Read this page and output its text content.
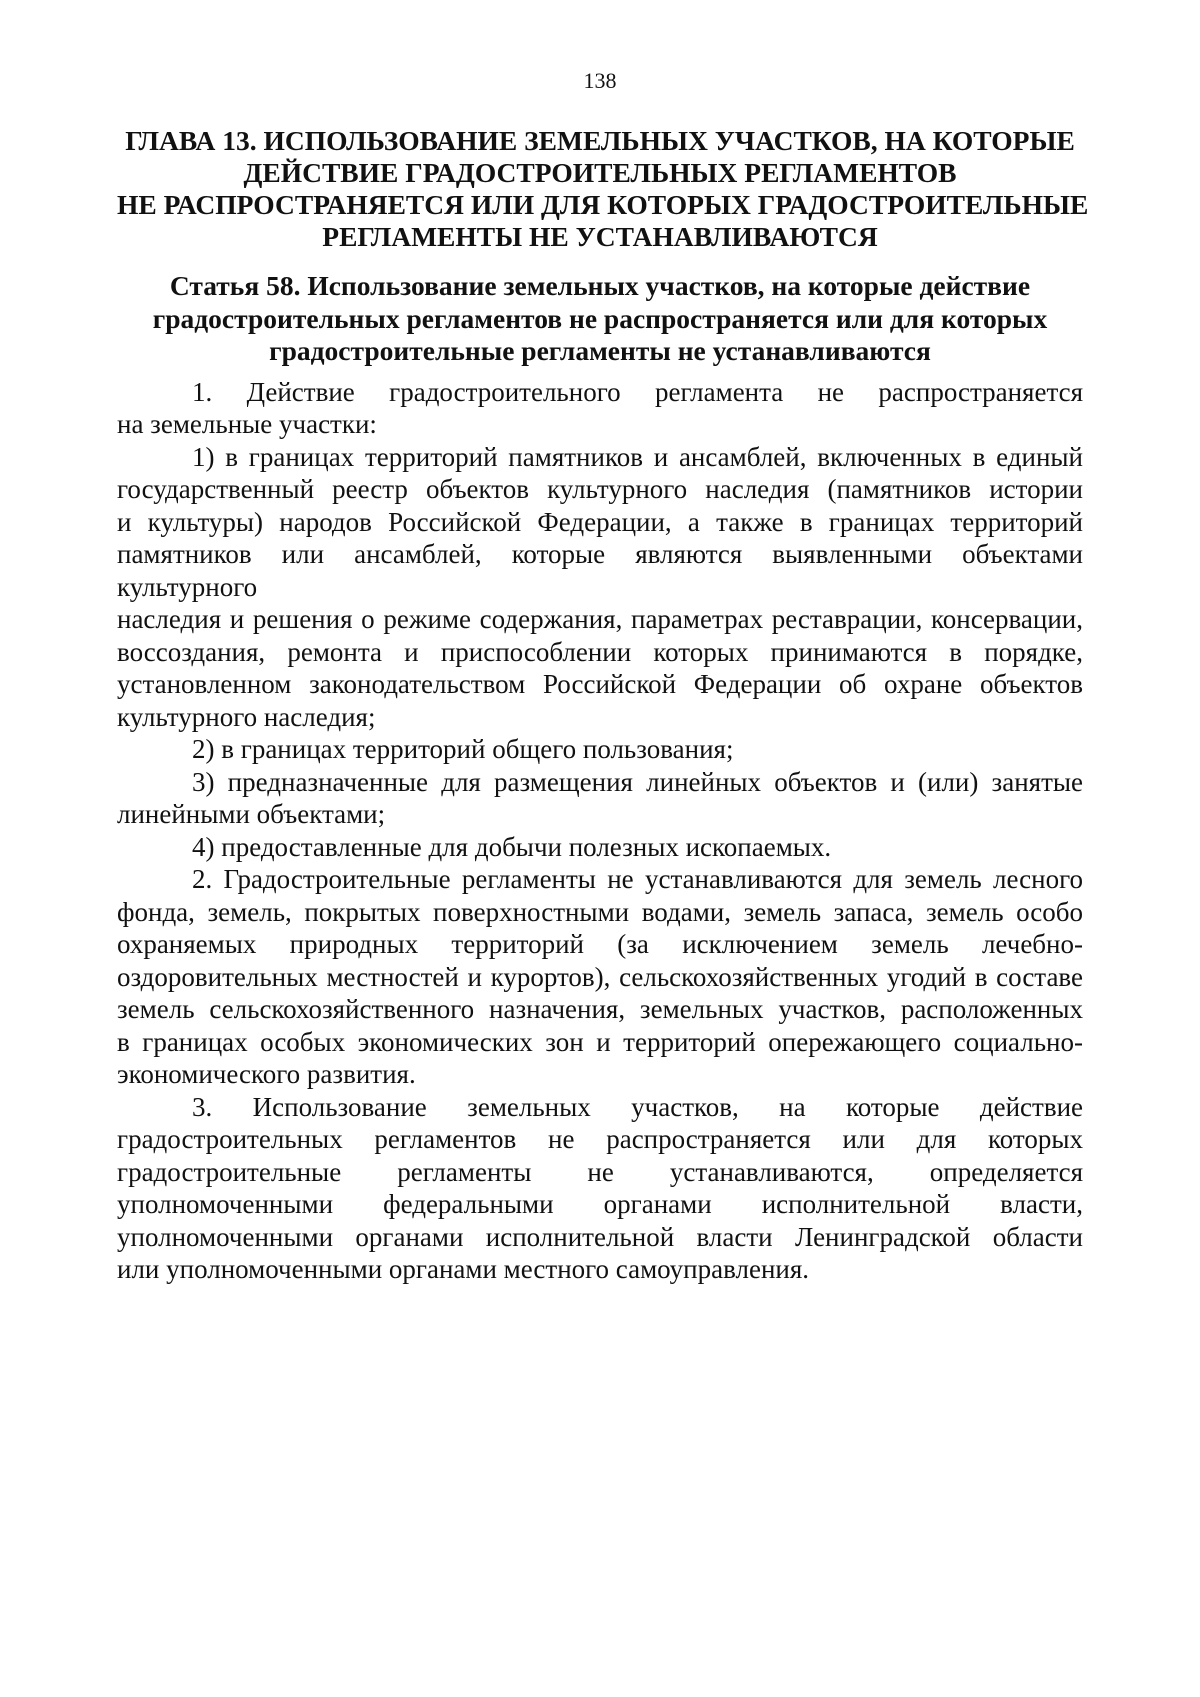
138
ГЛАВА 13. ИСПОЛЬЗОВАНИЕ ЗЕМЕЛЬНЫХ УЧАСТКОВ, НА КОТОРЫЕ
ДЕЙСТВИЕ ГРАДОСТРОИТЕЛЬНЫХ РЕГЛАМЕНТОВ
НЕ РАСПРОСТРАНЯЕТСЯ ИЛИ ДЛЯ КОТОРЫХ ГРАДОСТРОИТЕЛЬНЫЕ
РЕГЛАМЕНТЫ НЕ УСТАНАВЛИВАЮТСЯ
Статья 58. Использование земельных участков, на которые действие
градостроительных регламентов не распространяется или для которых
градостроительные регламенты не устанавливаются

1. Действие градостроительного регламента не распространяется
на земельные участки:

1) в границах территорий памятников и ансамблей, включенных в единый
государственный реестр объектов культурного наследия (памятников истории
и культуры) народов Российской Федерации, а также в границах территорий
памятников или ансамблей, которые являются выявленными объектами культурного
наследия и решения о режиме содержания, параметрах реставрации, консервации,
воссоздания, ремонта и приспособлении которых принимаются в порядке,
установленном законодательством Российской Федерации об охране объектов
культурного наследия;

2) в границах территорий общего пользования;

3) предназначенные для размещения линейных объектов и (или) занятые
линейными объектами;

4) предоставленные для добычи полезных ископаемых.

2. Градостроительные регламенты не устанавливаются для земель лесного
фонда, земель, покрытых поверхностными водами, земель запаса, земель особо
охраняемых природных территорий (за исключением земель лечебно-
оздоровительных местностей и курортов), сельскохозяйственных угодий в составе
земель сельскохозяйственного назначения, земельных участков, расположенных
в границах особых экономических зон и территорий опережающего социально-
экономического развития.

3. Использование земельных участков, на которые действие
градостроительных регламентов не распространяется или для которых
градостроительные регламенты не устанавливаются, определяется
уполномоченными федеральными органами исполнительной власти,
уполномоченными органами исполнительной власти Ленинградской области
или уполномоченными органами местного самоуправления.
